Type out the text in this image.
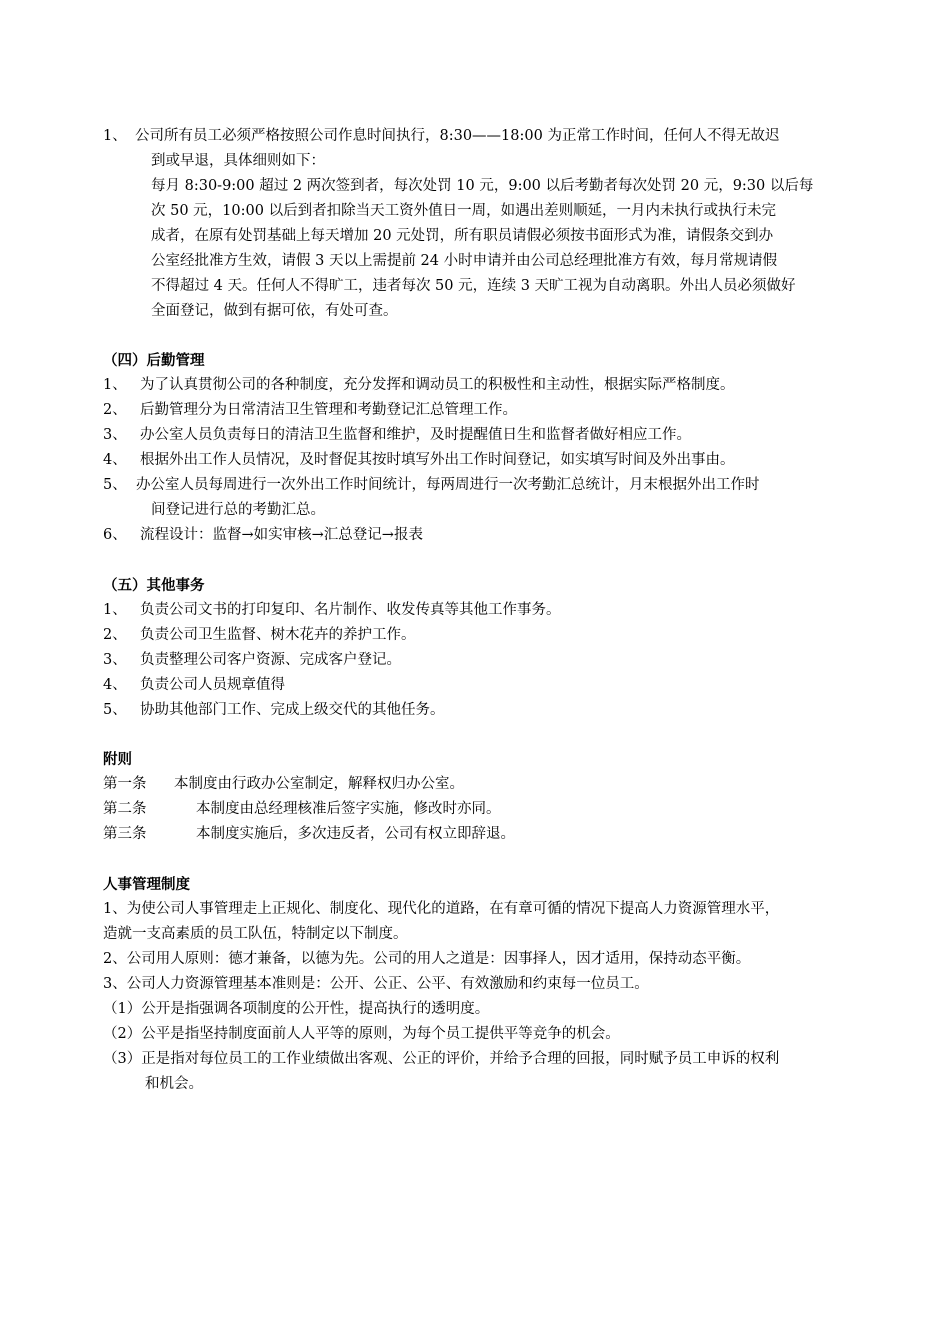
1、 公司所有员工必须严格按照公司作息时间执行，8:30——18:00 为正常工作时间，任何人不得无故迟
到或早退，具体细则如下：
每月 8:30-9:00 超过 2 两次签到者，每次处罚 10 元，9:00 以后考勤者每次处罚 20 元，9:30 以后每
次 50 元，10:00 以后到者扣除当天工资外值日一周，如遇出差则顺延，一月内未执行或执行未完
成者，在原有处罚基础上每天增加 20 元处罚，所有职员请假必须按书面形式为准，请假条交到办
公室经批准方生效，请假 3 天以上需提前 24 小时申请并由公司总经理批准方有效，每月常规请假
不得超过 4 天。任何人不得旷工，违者每次 50 元，连续 3 天旷工视为自动离职。外出人员必须做好
全面登记，做到有据可依，有处可查。
（四）后勤管理
1、 为了认真贯彻公司的各种制度，充分发挥和调动员工的积极性和主动性，根据实际严格制度。
2、 后勤管理分为日常清洁卫生管理和考勤登记汇总管理工作。
3、 办公室人员负责每日的清洁卫生监督和维护，及时提醒值日生和监督者做好相应工作。
4、 根据外出工作人员情况，及时督促其按时填写外出工作时间登记，如实填写时间及外出事由。
5、 办公室人员每周进行一次外出工作时间统计，每两周进行一次考勤汇总统计，月末根据外出工作时
间登记进行总的考勤汇总。
6、 流程设计：监督→如实审核→汇总登记→报表
（五）其他事务
1、 负责公司文书的打印复印、名片制作、收发传真等其他工作事务。
2、 负责公司卫生监督、树木花卉的养护工作。
3、 负责整理公司客户资源、完成客户登记。
4、 负责公司人员规章值得
5、 协助其他部门工作、完成上级交代的其他任务。
附则
第一条 本制度由行政办公室制定，解释权归办公室。
第二条	本制度由总经理核准后签字实施，修改时亦同。
第三条	本制度实施后，多次违反者，公司有权立即辞退。
人事管理制度
1、为使公司人事管理走上正规化、制度化、现代化的道路，在有章可循的情况下提高人力资源管理水平，
造就一支高素质的员工队伍，特制定以下制度。
2、公司用人原则：德才兼备，以德为先。公司的用人之道是：因事择人，因才适用，保持动态平衡。
3、公司人力资源管理基本准则是：公开、公正、公平、有效激励和约束每一位员工。
（1）公开是指强调各项制度的公开性，提高执行的透明度。
（2）公平是指坚持制度面前人人平等的原则，为每个员工提供平等竞争的机会。
（3）正是指对每位员工的工作业绩做出客观、公正的评价，并给予合理的回报，同时赋予员工申诉的权利
和机会。
